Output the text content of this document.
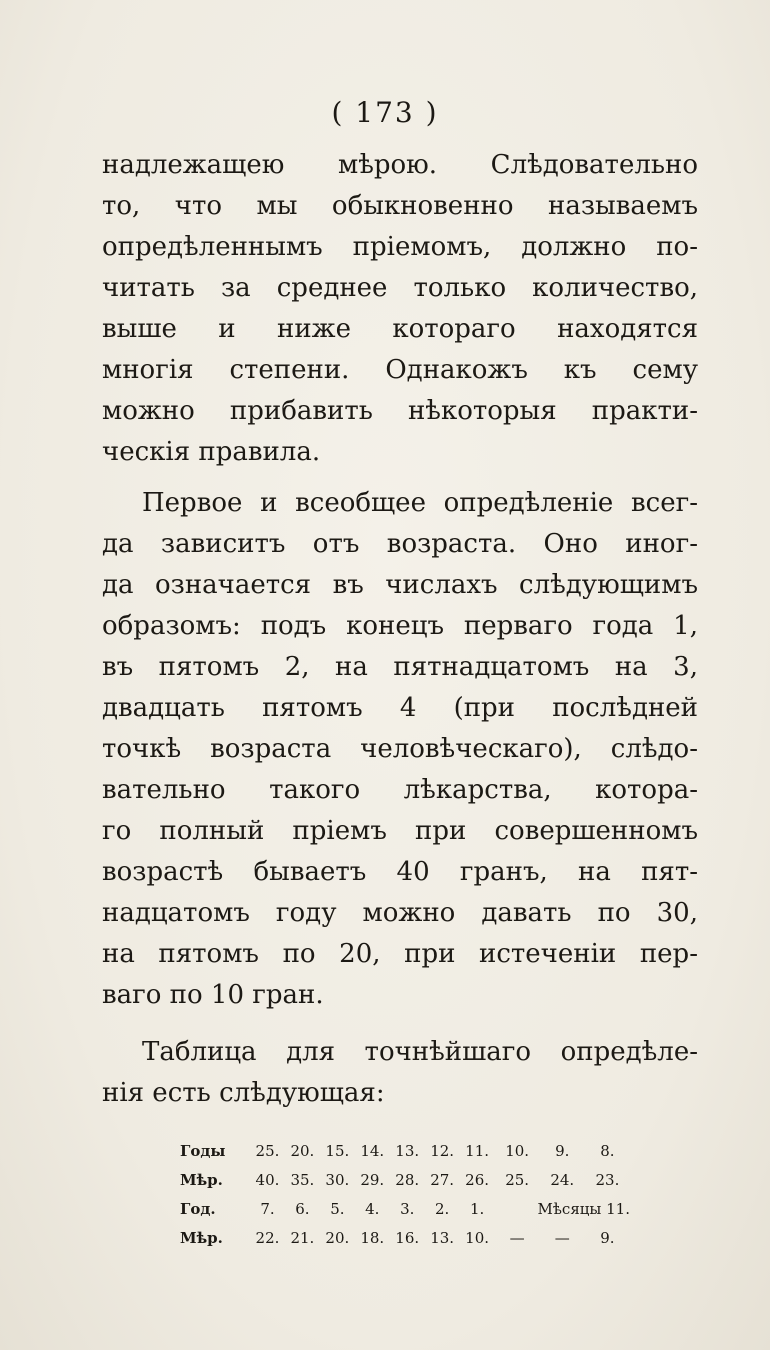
( 173 )
надлежащею мѣрою. Слѣдовательно
то, что мы обыкновенно называемъ
опредѣленнымъ пріемомъ, должно по-
читать за среднее только количество,
выше и ниже котораго находятся
многія степени. Однакожъ къ сему
можно прибавить нѣкоторыя практи-
ческія правила.
Первое и всеобщее опредѣленіе всег-
да зависитъ отъ возраста. Оно иног-
да означается въ числахъ слѣдующимъ
образомъ: подъ конецъ перваго года 1,
въ пятомъ 2, на пятнадцатомъ на 3,
двадцать пятомъ 4 (при послѣдней
точкѣ возраста человѣческаго), слѣдо-
вательно такого лѣкарства, которa-
го полный пріемъ при совершенномъ
возрастѣ бываетъ 40 гранъ, на пят-
надцатомъ году можно давать по 30,
на пятомъ по 20, при истеченіи пер-
ваго по 10 гран.
Таблица для точнѣйшаго опредѣле-
нія есть слѣдующая:
Годы	25.	20.	15.	14.	13.	12.	11.	10.	9.	8.
Мѣр.	40.	35.	30.	29.	28.	27.	26.	25.	24.	23.
Год.	7.	6.	5.	4.	3.	2.	1.	Мѣсяцы 11.		
Мѣр.	22.	21.	20.	18.	16.	13.	10.	—	—	9.
